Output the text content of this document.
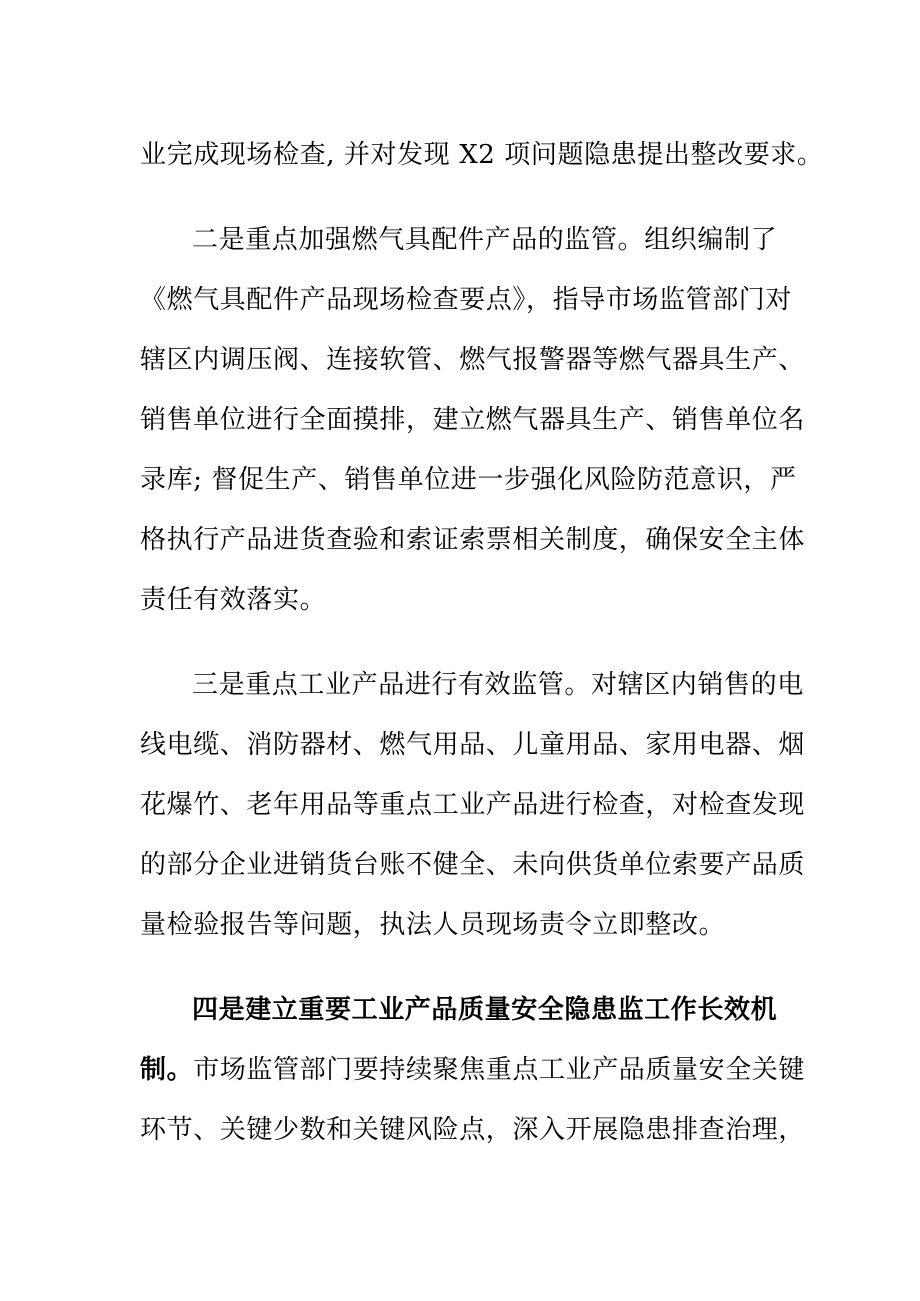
业完成现场检查, 并对发现 X2 项问题隐患提出整改要求。
二是重点加强燃气具配件产品的监管。组织编制了
《燃气具配件产品现场检查要点》，指导市场监管部门对
辖区内调压阀、连接软管、燃气报警器等燃气器具生产、
销售单位进行全面摸排，建立燃气器具生产、销售单位名
录库; 督促生产、销售单位进一步强化风险防范意识，严
格执行产品进货查验和索证索票相关制度，确保安全主体
责任有效落实。
三是重点工业产品进行有效监管。对辖区内销售的电
线电缆、消防器材、燃气用品、儿童用品、家用电器、烟
花爆竹、老年用品等重点工业产品进行检查，对检查发现
的部分企业进销货台账不健全、未向供货单位索要产品质
量检验报告等问题，执法人员现场责令立即整改。
四是建立重要工业产品质量安全隐患监工作长效机
制。市场监管部门要持续聚焦重点工业产品质量安全关键
环节、关键少数和关键风险点，深入开展隐患排查治理，
